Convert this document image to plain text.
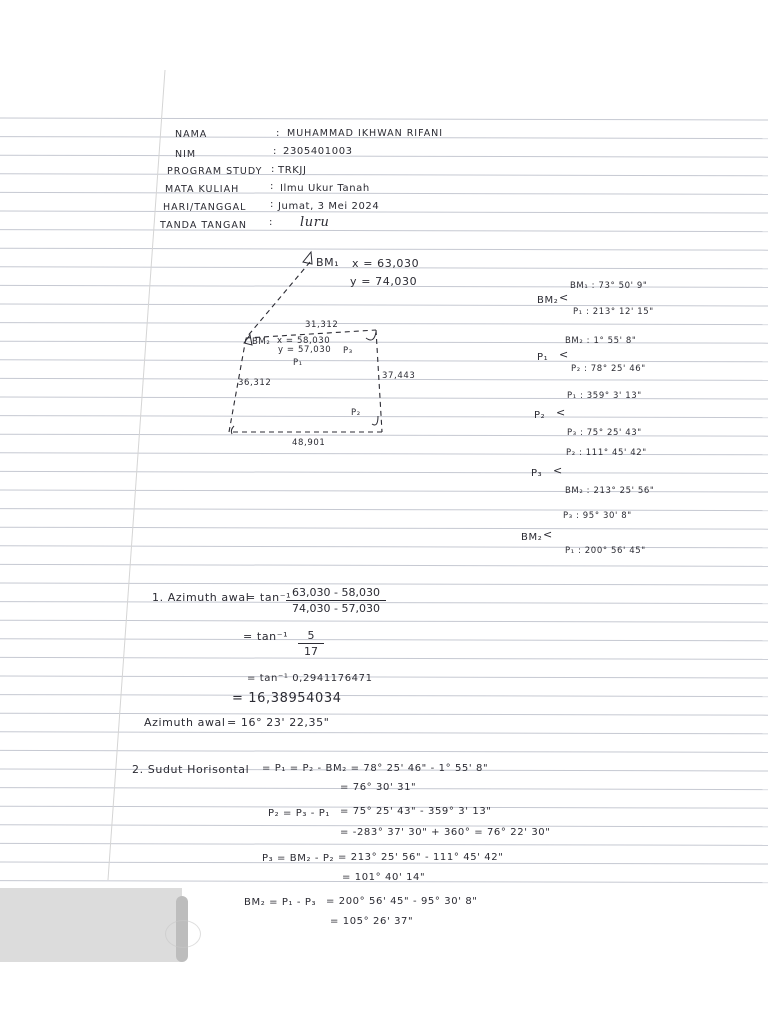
NAMA
NIM
PROGRAM STUDY
MATA KULIAH
HARI/TANGGAL
TANDA TANGAN
:
:
:
:
:
:
MUHAMMAD IKHWAN RIFANI
2305401003
TRKJJ
Ilmu Ukur Tanah
Jumat, 3 Mei 2024
luru
BM₁ x = 63,030
y = 74,030
BM₂ x = 58,030
y = 57,030
31,312
37,443
36,312
48,901
P₁
P₂
P₃
BM₂ <
BM₁ : 73° 50' 9"
P₁ : 213° 12' 15"
P₁ <
BM₂ : 1° 55' 8"
P₂ : 78° 25' 46"
P₂ <
P₁ : 359° 3' 13"
P₃ : 75° 25' 43"
P₃ <
P₂ : 111° 45' 42"
BM₂ : 213° 25' 56"
BM₂ <
P₃ : 95° 30' 8"
P₁ : 200° 56' 45"
1. Azimuth awal
= tan⁻¹
$\frac{63,030 - 58,030}{74,030 - 57,030}$
= $\tan^{-1} \frac{5}{17}$
= tan⁻¹ 0,2941176471
= 16,38954034
Azimuth awal = 16° 23' 22,35"
2. Sudut Horisontal = P₁ = P₂ - BM₂ = 78° 25' 46" - 1° 55' 8"
= 76° 30' 31"
P₂ = P₃ - P₁ = 75° 25' 43" - 359° 3' 13"
= -283° 37' 30" + 360° = 76° 22' 30"
P₃ = BM₂ - P₂ = 213° 25' 56" - 111° 45' 42"
= 101° 40' 14"
BM₂ = P₁ - P₃ = 200° 56' 45" - 95° 30' 8"
= 105° 26' 37"
